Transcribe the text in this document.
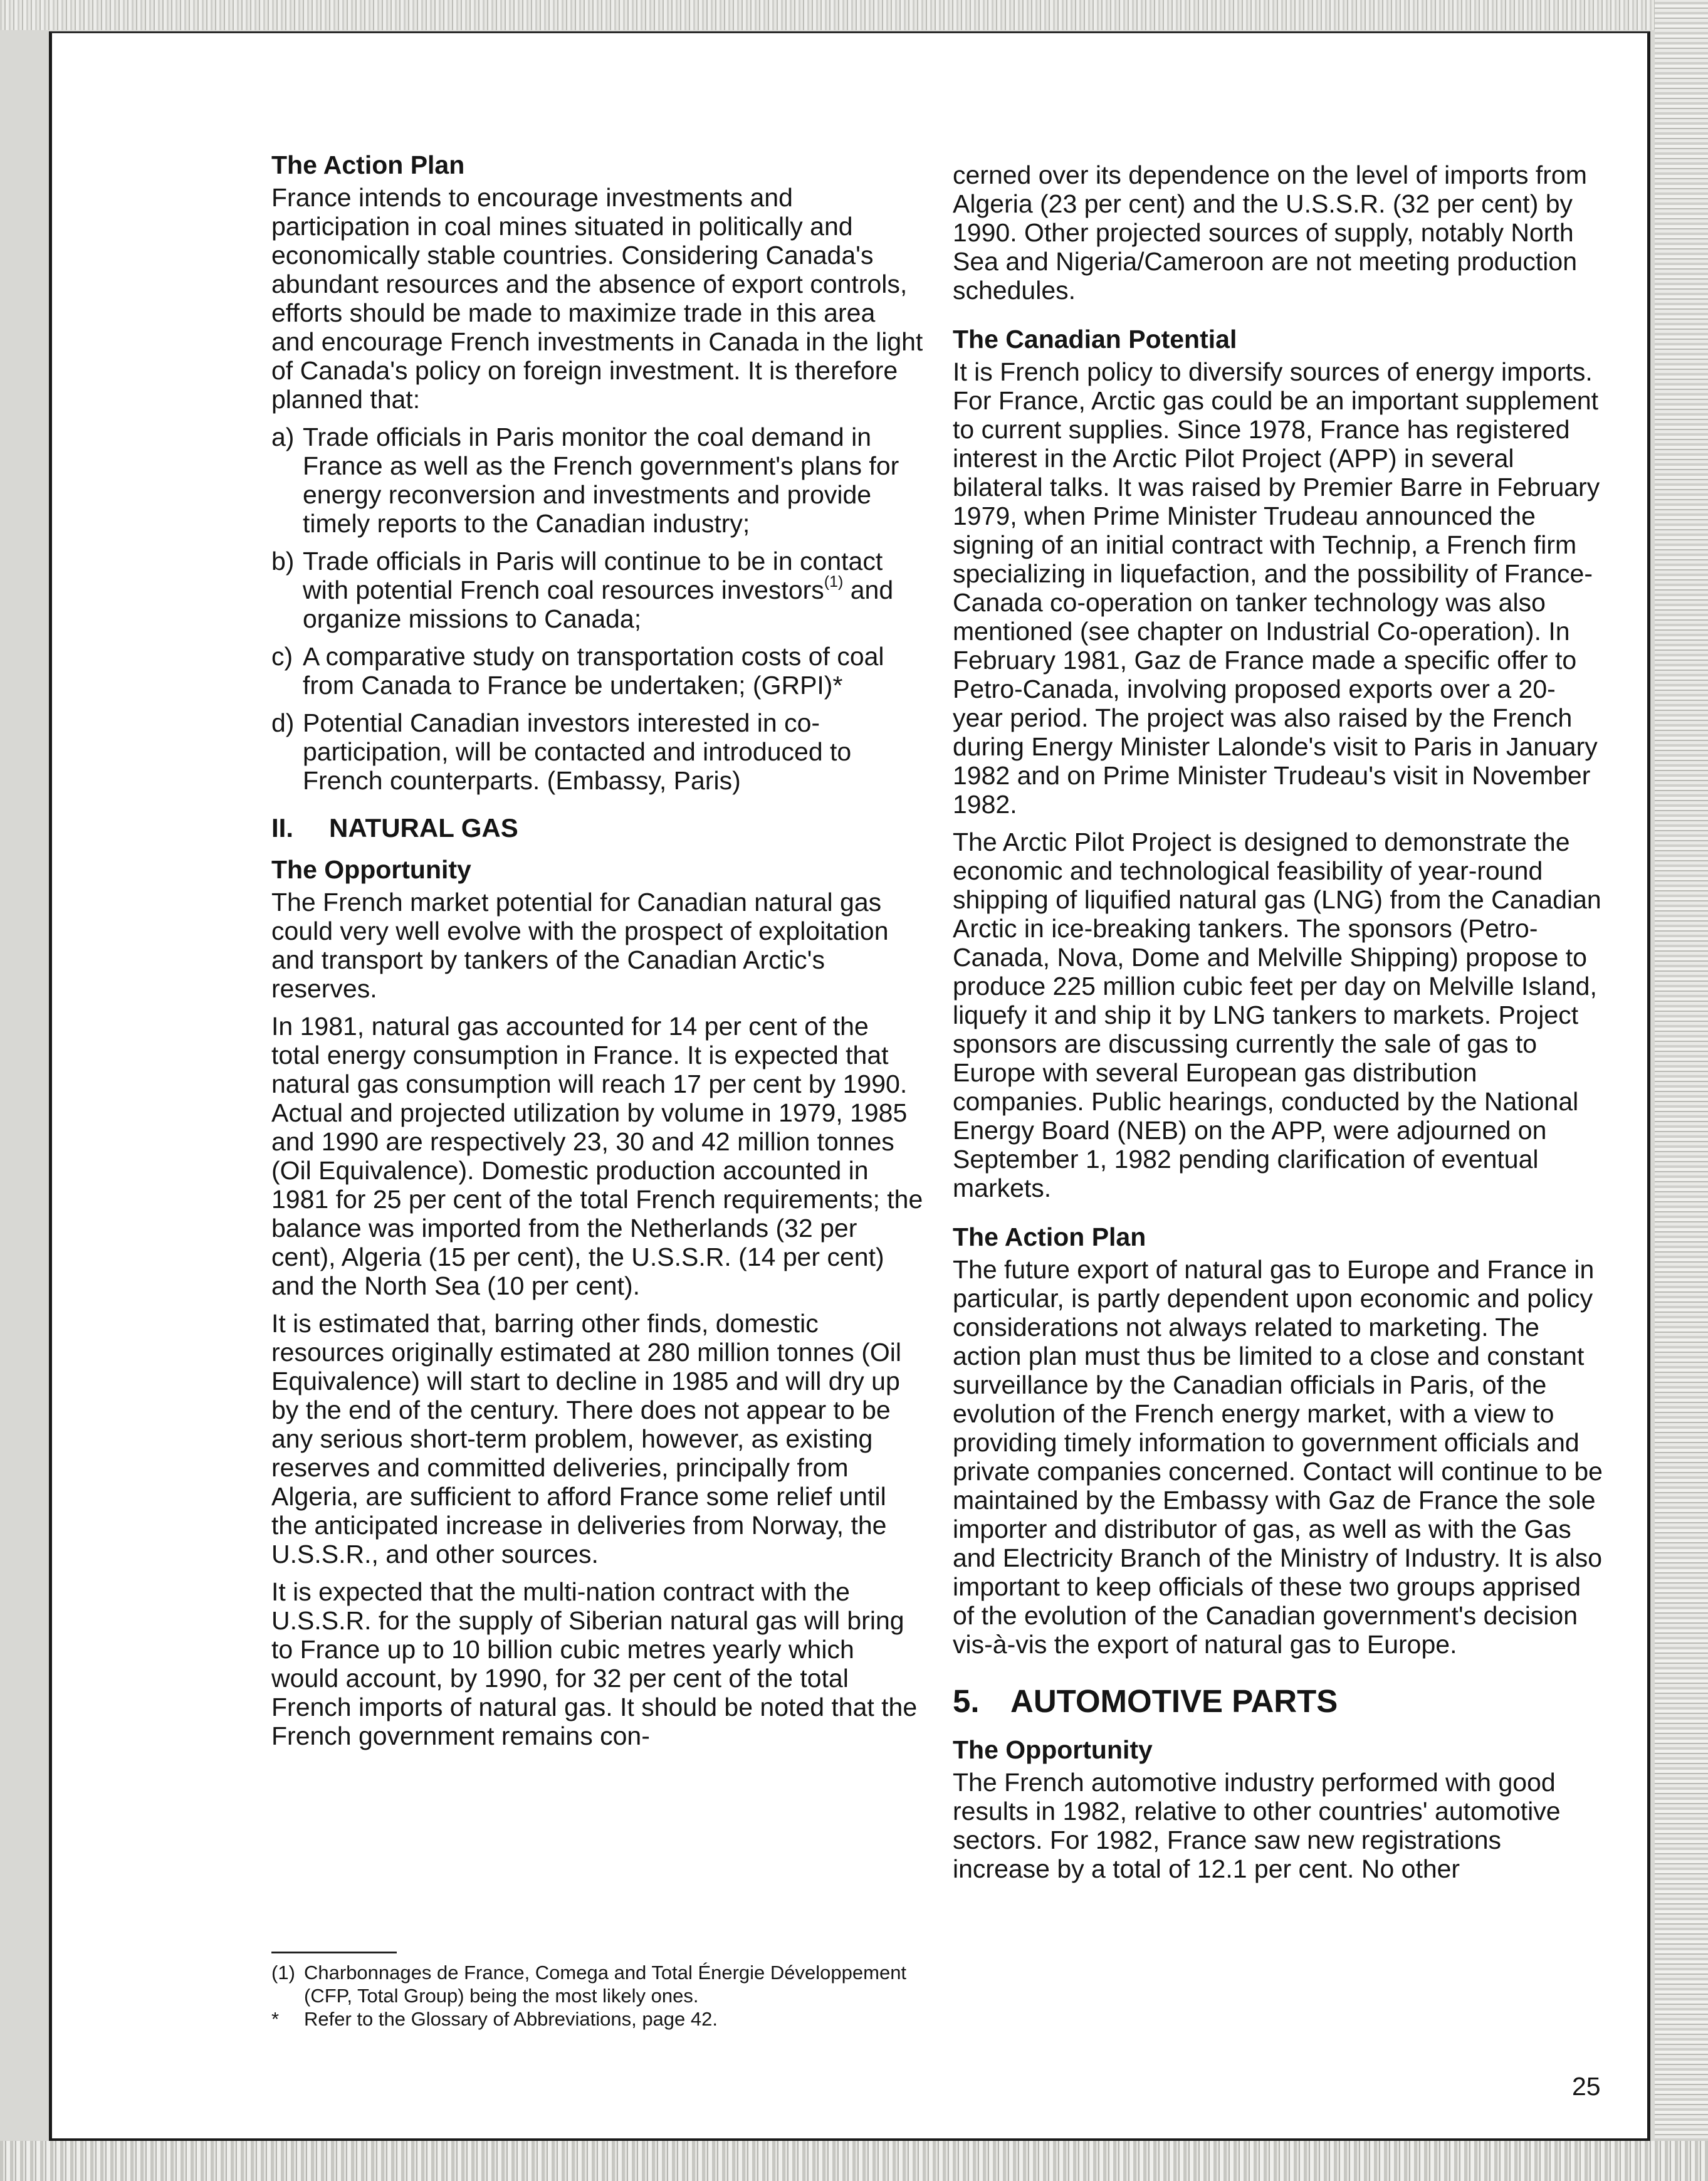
The Action Plan

France intends to encourage investments and participation in coal mines situated in politically and economically stable countries. Considering Canada's abundant resources and the absence of export controls, efforts should be made to maximize trade in this area and encourage French investments in Canada in the light of Canada's policy on foreign investment. It is therefore planned that:

a) Trade officials in Paris monitor the coal demand in France as well as the French government's plans for energy reconversion and investments and provide timely reports to the Canadian industry;
b) Trade officials in Paris will continue to be in contact with potential French coal resources investors$^{(1)}$ and organize missions to Canada;
c) A comparative study on transportation costs of coal from Canada to France be undertaken; (GRPI)*
d) Potential Canadian investors interested in co-participation, will be contacted and introduced to French counterparts. (Embassy, Paris)
II. NATURAL GAS
The Opportunity

The French market potential for Canadian natural gas could very well evolve with the prospect of exploitation and transport by tankers of the Canadian Arctic's reserves.

In 1981, natural gas accounted for 14 per cent of the total energy consumption in France. It is expected that natural gas consumption will reach 17 per cent by 1990. Actual and projected utilization by volume in 1979, 1985 and 1990 are respectively 23, 30 and 42 million tonnes (Oil Equivalence). Domestic production accounted in 1981 for 25 per cent of the total French requirements; the balance was imported from the Netherlands (32 per cent), Algeria (15 per cent), the U.S.S.R. (14 per cent) and the North Sea (10 per cent).

It is estimated that, barring other finds, domestic resources originally estimated at 280 million tonnes (Oil Equivalence) will start to decline in 1985 and will dry up by the end of the century. There does not appear to be any serious short-term problem, however, as existing reserves and committed deliveries, principally from Algeria, are sufficient to afford France some relief until the anticipated increase in deliveries from Norway, the U.S.S.R., and other sources.

It is expected that the multi-nation contract with the U.S.S.R. for the supply of Siberian natural gas will bring to France up to 10 billion cubic metres yearly which would account, by 1990, for 32 per cent of the total French imports of natural gas. It should be noted that the French government remains con-

cerned over its dependence on the level of imports from Algeria (23 per cent) and the U.S.S.R. (32 per cent) by 1990. Other projected sources of supply, notably North Sea and Nigeria/Cameroon are not meeting production schedules.

The Canadian Potential

It is French policy to diversify sources of energy imports. For France, Arctic gas could be an important supplement to current supplies. Since 1978, France has registered interest in the Arctic Pilot Project (APP) in several bilateral talks. It was raised by Premier Barre in February 1979, when Prime Minister Trudeau announced the signing of an initial contract with Technip, a French firm specializing in liquefaction, and the possibility of France-Canada co-operation on tanker technology was also mentioned (see chapter on Industrial Co-operation). In February 1981, Gaz de France made a specific offer to Petro-Canada, involving proposed exports over a 20-year period. The project was also raised by the French during Energy Minister Lalonde's visit to Paris in January 1982 and on Prime Minister Trudeau's visit in November 1982.

The Arctic Pilot Project is designed to demonstrate the economic and technological feasibility of year-round shipping of liquified natural gas (LNG) from the Canadian Arctic in ice-breaking tankers. The sponsors (Petro-Canada, Nova, Dome and Melville Shipping) propose to produce 225 million cubic feet per day on Melville Island, liquefy it and ship it by LNG tankers to markets. Project sponsors are discussing currently the sale of gas to Europe with several European gas distribution companies. Public hearings, conducted by the National Energy Board (NEB) on the APP, were adjourned on September 1, 1982 pending clarification of eventual markets.

The Action Plan

The future export of natural gas to Europe and France in particular, is partly dependent upon economic and policy considerations not always related to marketing. The action plan must thus be limited to a close and constant surveillance by the Canadian officials in Paris, of the evolution of the French energy market, with a view to providing timely information to government officials and private companies concerned. Contact will continue to be maintained by the Embassy with Gaz de France the sole importer and distributor of gas, as well as with the Gas and Electricity Branch of the Ministry of Industry. It is also important to keep officials of these two groups apprised of the evolution of the Canadian government's decision vis-à-vis the export of natural gas to Europe.

5. AUTOMOTIVE PARTS
The Opportunity

The French automotive industry performed with good results in 1982, relative to other countries' automotive sectors. For 1982, France saw new registrations increase by a total of 12.1 per cent. No other

(1) Charbonnages de France, Comega and Total Énergie Développement (CFP, Total Group) being the most likely ones.
*	Refer to the Glossary of Abbreviations, page 42.
25
